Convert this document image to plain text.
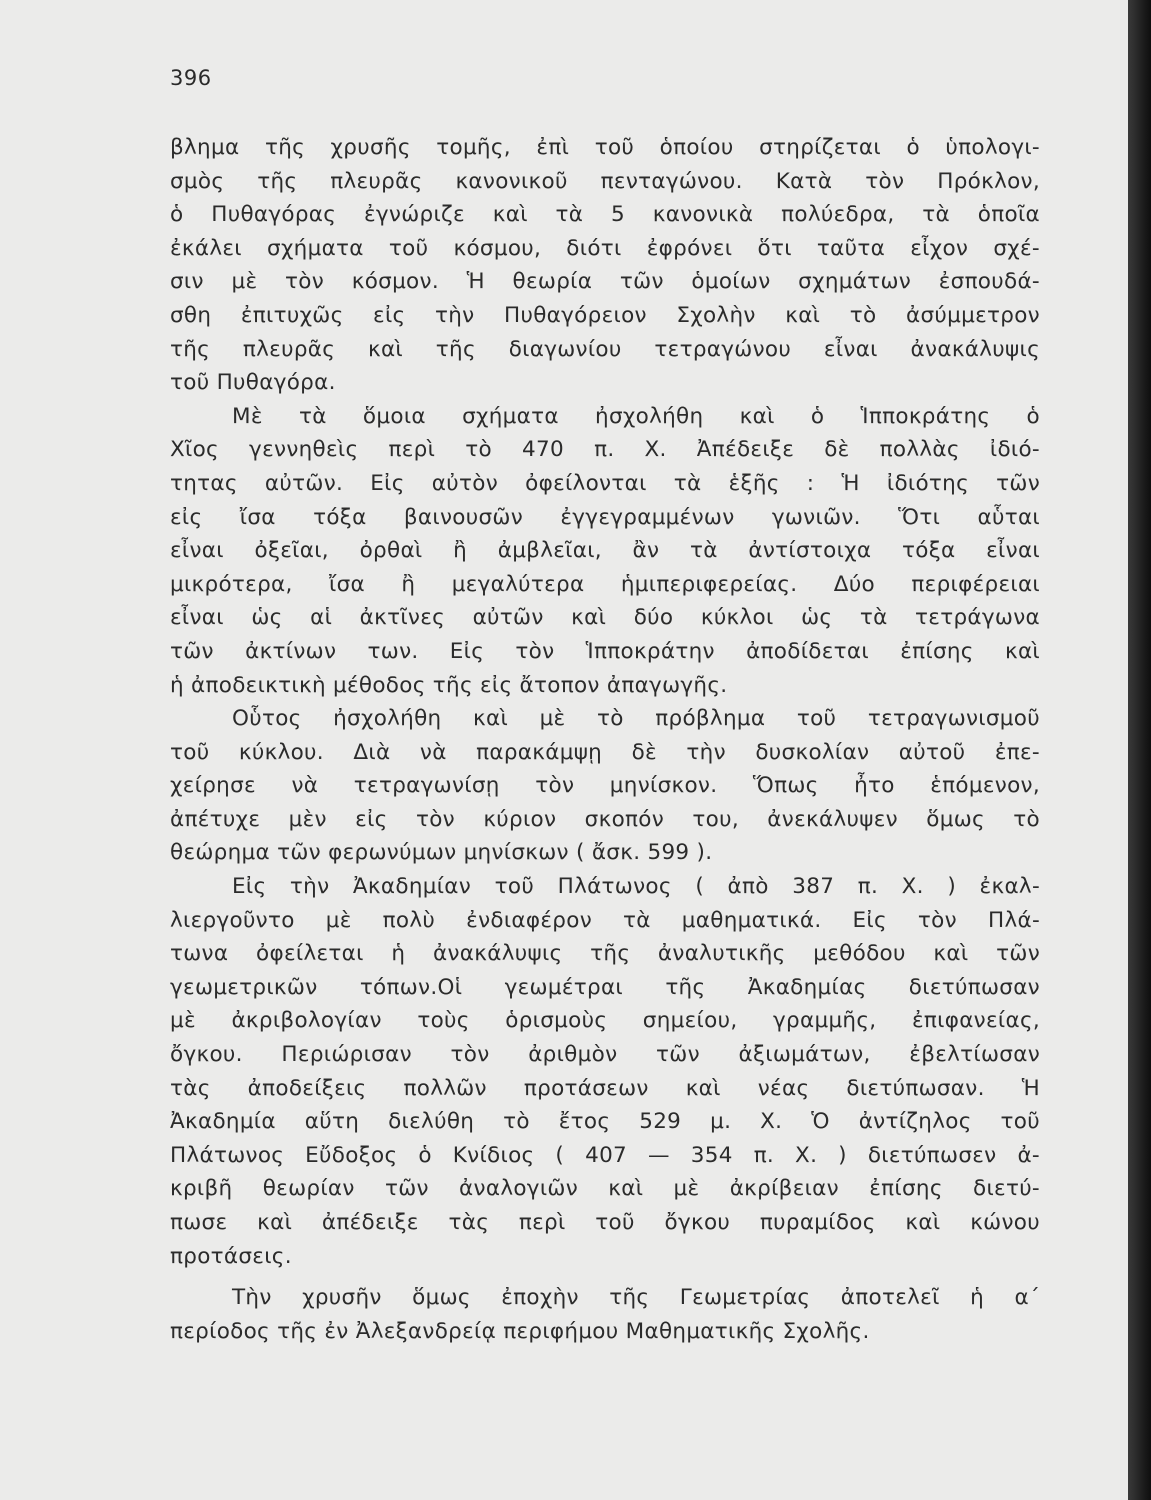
396
βλημα τῆς χρυσῆς τομῆς, ἐπὶ τοῦ ὁποίου στηρίζεται ὁ ὑπολογι-
σμὸς τῆς πλευρᾶς κανονικοῦ πενταγώνου. Κατὰ τὸν Πρόκλον,
ὁ Πυθαγόρας ἐγνώριζε καὶ τὰ 5 κανονικὰ πολύεδρα, τὰ ὁποῖα
ἐκάλει σχήματα τοῦ κόσμου, διότι ἐφρόνει ὅτι ταῦτα εἶχον σχέ-
σιν μὲ τὸν κόσμον. Ἡ θεωρία τῶν ὁμοίων σχημάτων ἐσπουδά-
σθη ἐπιτυχῶς εἰς τὴν Πυθαγόρειον Σχολὴν καὶ τὸ ἀσύμμετρον
τῆς πλευρᾶς καὶ τῆς διαγωνίου τετραγώνου εἶναι ἀνακάλυψις
τοῦ Πυθαγόρα.
Μὲ τὰ ὅμοια σχήματα ἠσχολήθη καὶ ὁ Ἱπποκράτης ὁ
Χῖος γεννηθεὶς περὶ τὸ 470 π. Χ. Ἀπέδειξε δὲ πολλὰς ἰδιό-
τητας αὐτῶν. Εἰς αὐτὸν ὀφείλονται τὰ ἑξῆς : Ἡ ἰδιότης τῶν
εἰς ἴσα τόξα βαινουσῶν ἐγγεγραμμένων γωνιῶν. Ὅτι αὗται
εἶναι ὀξεῖαι, ὀρθαὶ ἢ ἀμβλεῖαι, ἂν τὰ ἀντίστοιχα τόξα εἶναι
μικρότερα, ἴσα ἢ μεγαλύτερα ἡμιπεριφερείας. Δύο περιφέρειαι
εἶναι ὡς αἱ ἀκτῖνες αὐτῶν καὶ δύο κύκλοι ὡς τὰ τετράγωνα
τῶν ἀκτίνων των. Εἰς τὸν Ἱπποκράτην ἀποδίδεται ἐπίσης καὶ
ἡ ἀποδεικτικὴ μέθοδος τῆς εἰς ἄτοπον ἀπαγωγῆς.
Οὗτος ἠσχολήθη καὶ μὲ τὸ πρόβλημα τοῦ τετραγωνισμοῦ
τοῦ κύκλου. Διὰ νὰ παρακάμψῃ δὲ τὴν δυσκολίαν αὐτοῦ ἐπε-
χείρησε νὰ τετραγωνίσῃ τὸν μηνίσκον. Ὅπως ἦτο ἑπόμενον,
ἀπέτυχε μὲν εἰς τὸν κύριον σκοπόν του, ἀνεκάλυψεν ὅμως τὸ
θεώρημα τῶν φερωνύμων μηνίσκων ( ἄσκ. 599 ).
Εἰς τὴν Ἀκαδημίαν τοῦ Πλάτωνος ( ἀπὸ 387 π. Χ. ) ἐκαλ-
λιεργοῦντο μὲ πολὺ ἐνδιαφέρον τὰ μαθηματικά. Εἰς τὸν Πλά-
τωνα ὀφείλεται ἡ ἀνακάλυψις τῆς ἀναλυτικῆς μεθόδου καὶ τῶν
γεωμετρικῶν τόπων.Οἱ γεωμέτραι τῆς Ἀκαδημίας διετύπωσαν
μὲ ἀκριβολογίαν τοὺς ὁρισμοὺς σημείου, γραμμῆς, ἐπιφανείας,
ὄγκου. Περιώρισαν τὸν ἀριθμὸν τῶν ἀξιωμάτων, ἐβελτίωσαν
τὰς ἀποδείξεις πολλῶν προτάσεων καὶ νέας διετύπωσαν. Ἡ
Ἀκαδημία αὕτη διελύθη τὸ ἔτος 529 μ. Χ. Ὁ ἀντίζηλος τοῦ
Πλάτωνος Εὔδοξος ὁ Κνίδιος ( 407 — 354 π. Χ. ) διετύπωσεν ἀ-
κριβῆ θεωρίαν τῶν ἀναλογιῶν καὶ μὲ ἀκρίβειαν ἐπίσης διετύ-
πωσε καὶ ἀπέδειξε τὰς περὶ τοῦ ὄγκου πυραμίδος καὶ κώνου
προτάσεις.
Τὴν χρυσῆν ὅμως ἐποχὴν τῆς Γεωμετρίας ἀποτελεῖ ἡ α΄
περίοδος τῆς ἐν Ἀλεξανδρείᾳ περιφήμου Μαθηματικῆς Σχολῆς.
